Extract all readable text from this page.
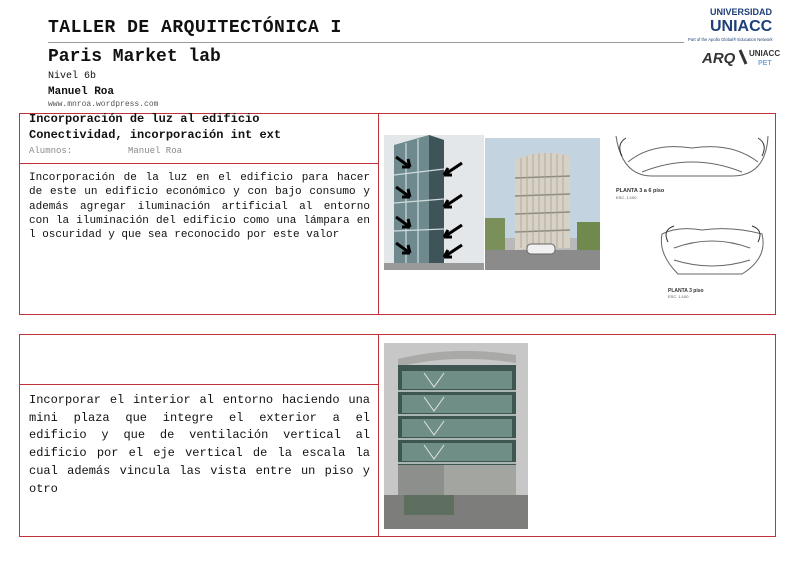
TALLER DE ARQUITECTÓNICA I
Paris Market lab
Nivel 6b
Manuel Roa
www.mnroa.wordpress.com
UNIVERSIDAD
UNIACC
Part of the Apollo Global® Education Network
ARQ UNIACC
PET
Incorporación de luz al edificio
Conectividad, incorporación int ext
Alumnos:	Manuel Roa
Incorporación de la luz en el edificio para hacer de este un edificio económico y con bajo consumo y además agregar iluminación artificial al entorno con la iluminación del edificio como una lámpara en l oscuridad y que sea reconocido por este valor
PLANTA 3 a 6 piso
ESC. 1:100
PLANTA 3 piso
ESC. 1:100
Incorporar el interior al entorno haciendo una mini plaza que integre el exterior a el edificio y que de ventilación vertical al edificio por el eje vertical de la escala la cual además vincula las vista entre un piso y otro
